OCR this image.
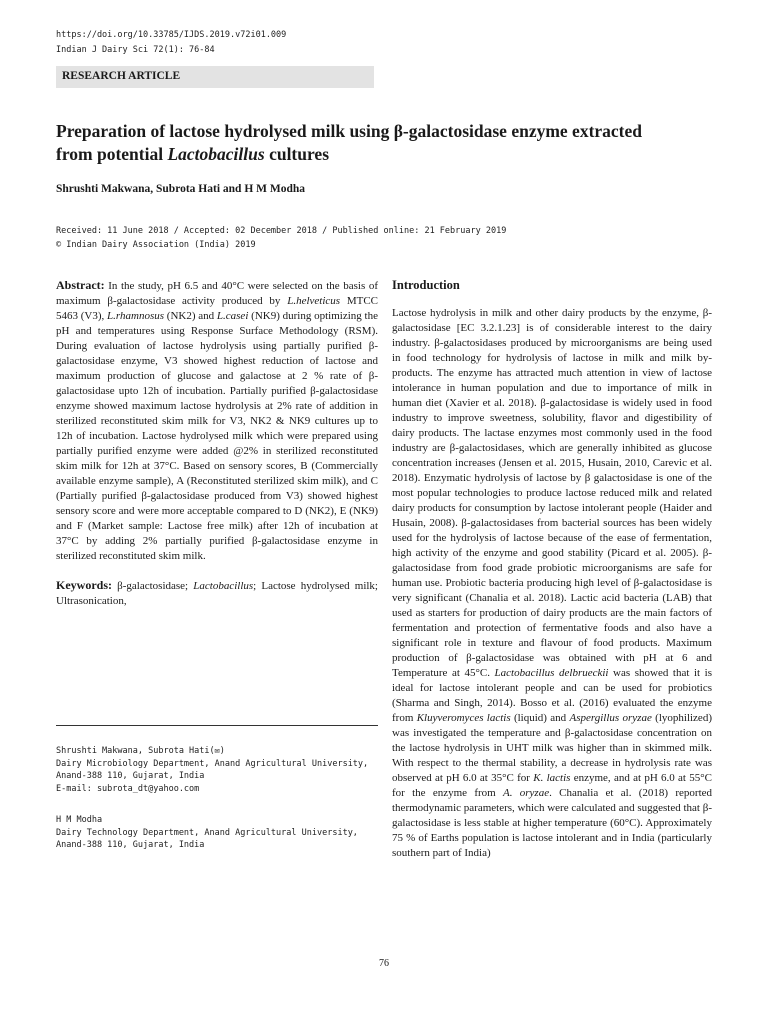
https://doi.org/10.33785/IJDS.2019.v72i01.009
Indian J Dairy Sci 72(1): 76-84
RESEARCH ARTICLE
Preparation of lactose hydrolysed milk using β-galactosidase enzyme extracted
from potential Lactobacillus cultures
Shrushti Makwana, Subrota Hati and H M Modha
Received: 11 June 2018 / Accepted: 02 December 2018 / Published online: 21 February 2019
© Indian Dairy Association (India) 2019

Abstract: In the study, pH 6.5 and 40°C were selected on the basis of maximum β-galactosidase activity produced by L.helveticus MTCC 5463 (V3), L.rhamnosus (NK2) and L.casei (NK9) during optimizing the pH and temperatures using Response Surface Methodology (RSM). During evaluation of lactose hydrolysis using partially purified β-galactosidase enzyme, V3 showed highest reduction of lactose and maximum production of glucose and galactose at 2 % rate of β-galactosidase upto 12h of incubation. Partially purified β-galactosidase enzyme showed maximum lactose hydrolysis at 2% rate of addition in sterilized reconstituted skim milk for V3, NK2 & NK9 cultures up to 12h of incubation. Lactose hydrolysed milk which were prepared using partially purified enzyme were added @2% in sterilized reconstituted skim milk for 12h at 37°C. Based on sensory scores, B (Commercially available enzyme sample), A (Reconstituted sterilized skim milk), and C (Partially purified β-galactosidase produced from V3) showed highest sensory score and were more acceptable compared to D (NK2), E (NK9) and F (Market sample: Lactose free milk) after 12h of incubation at 37°C by adding 2% partially purified β-galactosidase enzyme in sterilized reconstituted skim milk.

Keywords: β-galactosidase; Lactobacillus; Lactose hydrolysed milk; Ultrasonication,

Shrushti Makwana, Subrota Hati(✉)
Dairy Microbiology Department, Anand Agricultural University, Anand-388 110, Gujarat, India
E-mail: subrota_dt@yahoo.com
H M Modha
Dairy Technology Department, Anand Agricultural University, Anand-388 110, Gujarat, India
Introduction

Lactose hydrolysis in milk and other dairy products by the enzyme, β-galactosidase [EC 3.2.1.23] is of considerable interest to the dairy industry. β-galactosidases produced by microorganisms are being used in food technology for hydrolysis of lactose in milk and milk by-products. The enzyme has attracted much attention in view of lactose intolerance in human population and due to importance of milk in human diet (Xavier et al. 2018). β-galactosidase is widely used in food industry to improve sweetness, solubility, flavor and digestibility of dairy products. The lactase enzymes most commonly used in the food industry are β-galactosidases, which are generally inhibited as glucose concentration increases (Jensen et al. 2015, Husain, 2010, Carevic et al. 2018). Enzymatic hydrolysis of lactose by β galactosidase is one of the most popular technologies to produce lactose reduced milk and related dairy products for consumption by lactose intolerant people (Haider and Husain, 2008). β-galactosidases from bacterial sources has been widely used for the hydrolysis of lactose because of the ease of fermentation, high activity of the enzyme and good stability (Picard et al. 2005). β-galactosidase from food grade probiotic microorganisms are safe for human use. Probiotic bacteria producing high level of β-galactosidase is very significant (Chanalia et al. 2018). Lactic acid bacteria (LAB) that used as starters for production of dairy products are the main factors of fermentation and protection of fermentative foods and also have a significant role in texture and flavour of food products. Maximum production of β-galactosidase was obtained with pH at 6 and Temperature at 45°C. Lactobacillus delbrueckii was showed that it is ideal for lactose intolerant people and can be used for probiotics (Sharma and Singh, 2014). Bosso et al. (2016) evaluated the enzyme from Kluyveromyces lactis (liquid) and Aspergillus oryzae (lyophilized) was investigated the temperature and β-galactosidase concentration on the lactose hydrolysis in UHT milk was higher than in skimmed milk. With respect to the thermal stability, a decrease in hydrolysis rate was observed at pH 6.0 at 35°C for K. lactis enzyme, and at pH 6.0 at 55°C for the enzyme from A. oryzae. Chanalia et al. (2018) reported thermodynamic parameters, which were calculated and suggested that β-galactosidase is less stable at higher temperature (60°C). Approximately 75 % of Earths population is lactose intolerant and in India (particularly southern part of India)

76
